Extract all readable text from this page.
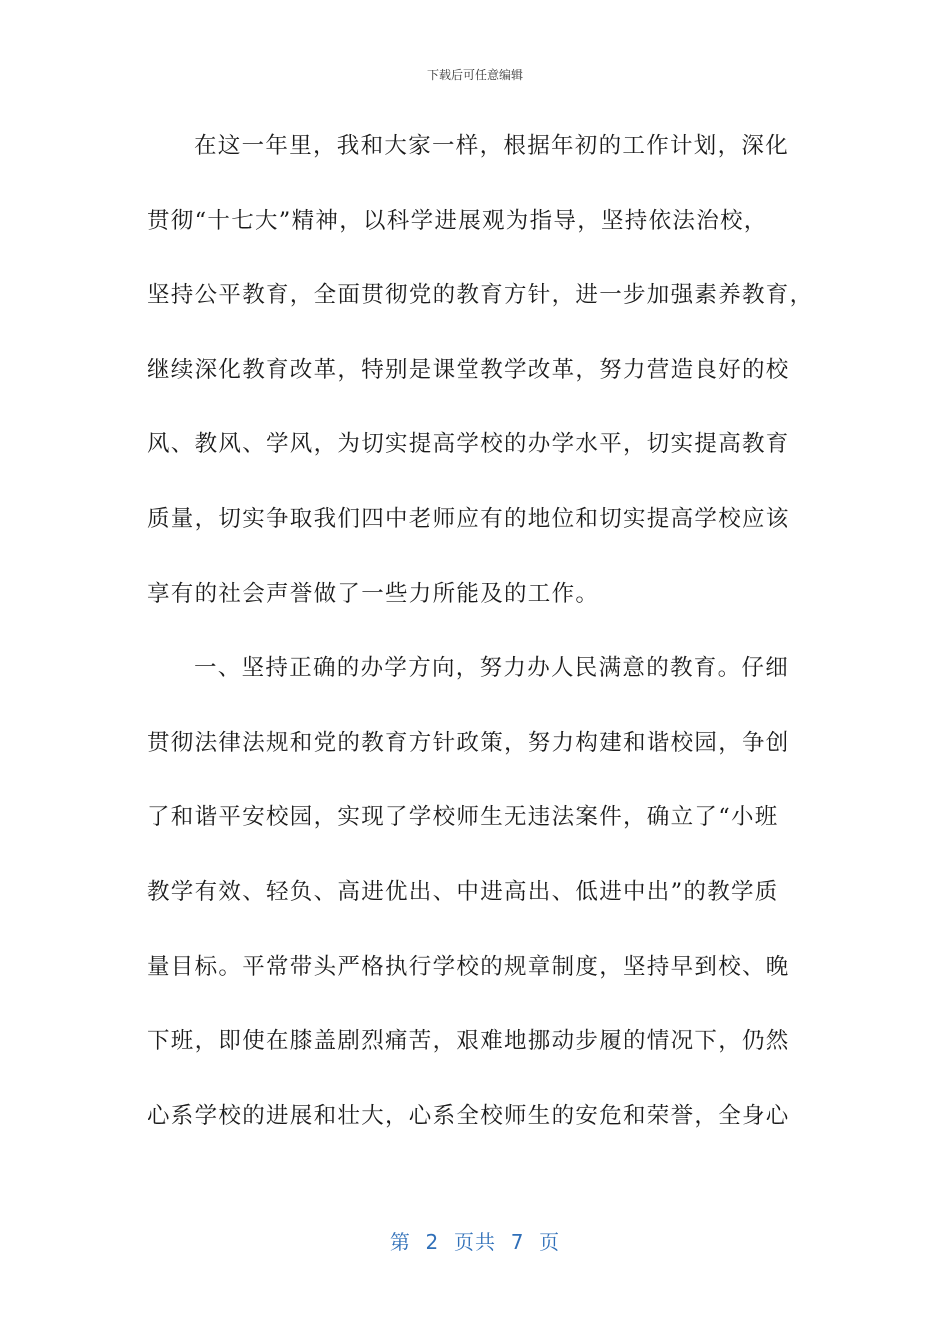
下载后可任意编辑
在这一年里，我和大家一样，根据年初的工作计划，深化
贯彻“十七大”精神，以科学进展观为指导，坚持依法治校，
坚持公平教育，全面贯彻党的教育方针，进一步加强素养教育，
继续深化教育改革，特别是课堂教学改革，努力营造良好的校
风、教风、学风，为切实提高学校的办学水平，切实提高教育
质量，切实争取我们四中老师应有的地位和切实提高学校应该
享有的社会声誉做了一些力所能及的工作。
一、坚持正确的办学方向，努力办人民满意的教育。仔细
贯彻法律法规和党的教育方针政策，努力构建和谐校园，争创
了和谐平安校园，实现了学校师生无违法案件，确立了“小班
教学有效、轻负、高进优出、中进高出、低进中出”的教学质
量目标。平常带头严格执行学校的规章制度，坚持早到校、晚
下班，即使在膝盖剧烈痛苦，艰难地挪动步履的情况下，仍然
心系学校的进展和壮大，心系全校师生的安危和荣誉，全身心
第  2  页共  7  页
